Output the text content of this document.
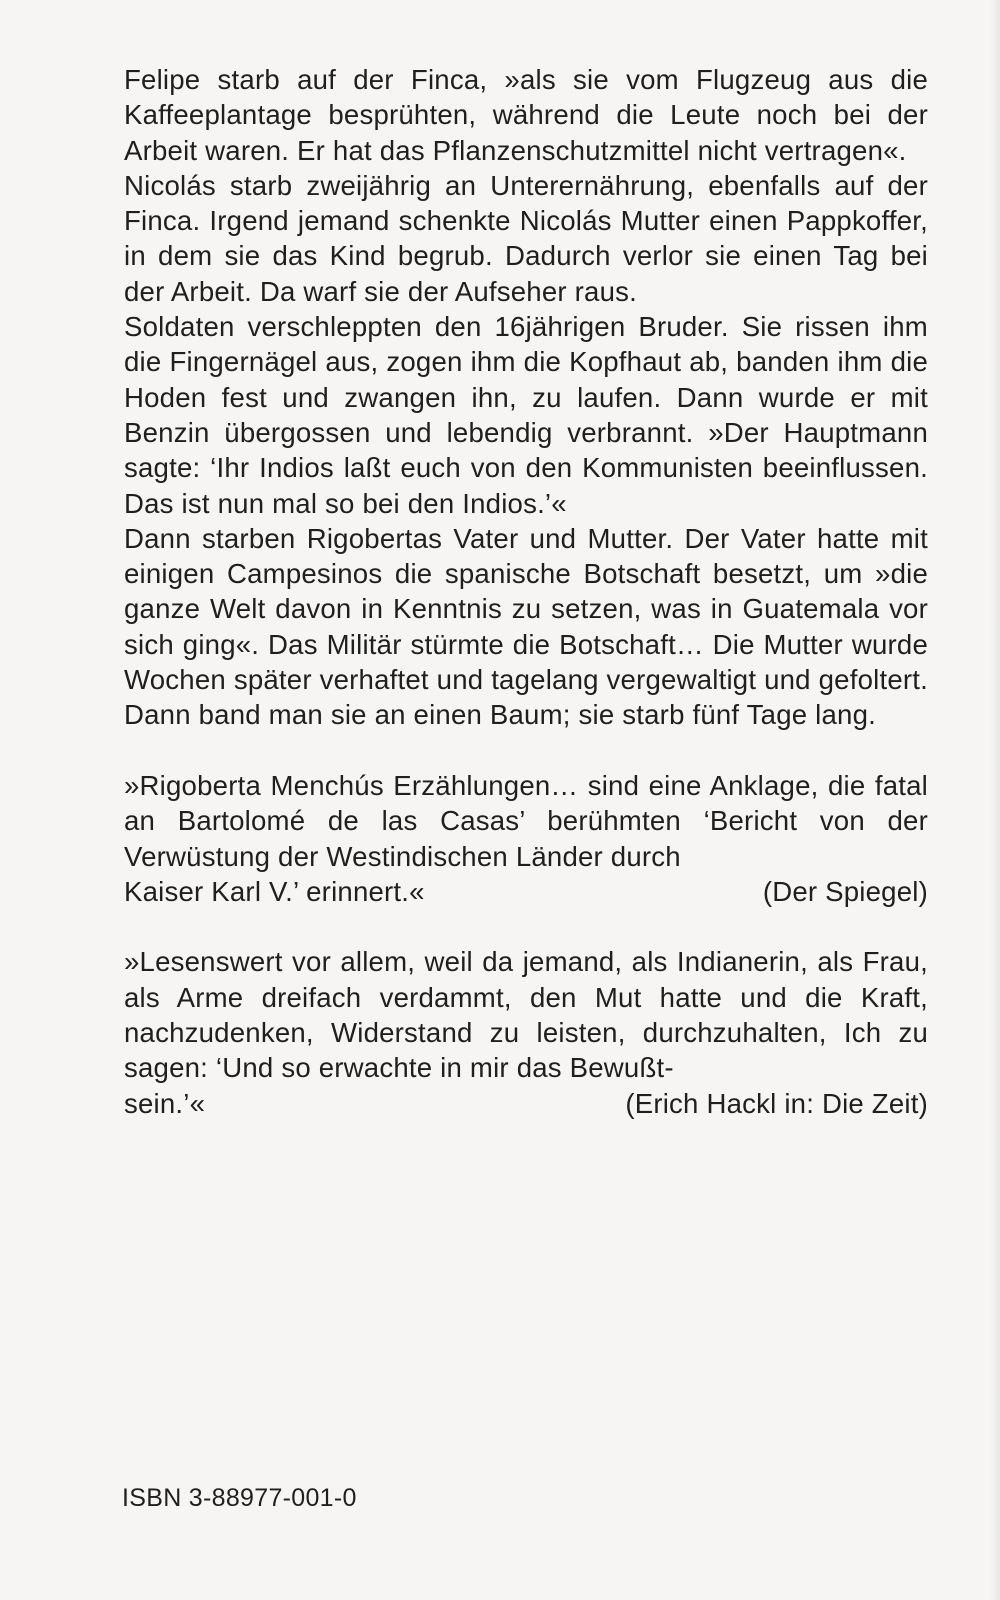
Felipe starb auf der Finca, »als sie vom Flugzeug aus die Kaffeeplantage besprühten, während die Leute noch bei der Arbeit waren. Er hat das Pflanzenschutzmittel nicht vertragen«.

Nicolás starb zweijährig an Unterernährung, ebenfalls auf der Finca. Irgend jemand schenkte Nicolás Mutter einen Pappkoffer, in dem sie das Kind begrub. Dadurch verlor sie einen Tag bei der Arbeit. Da warf sie der Aufseher raus.

Soldaten verschleppten den 16jährigen Bruder. Sie rissen ihm die Fingernägel aus, zogen ihm die Kopfhaut ab, banden ihm die Hoden fest und zwangen ihn, zu laufen. Dann wurde er mit Benzin übergossen und lebendig verbrannt. »Der Hauptmann sagte: ‘Ihr Indios laßt euch von den Kommunisten beeinflussen. Das ist nun mal so bei den Indios.’«

Dann starben Rigobertas Vater und Mutter. Der Vater hatte mit einigen Campesinos die spanische Botschaft besetzt, um »die ganze Welt davon in Kenntnis zu setzen, was in Guatemala vor sich ging«. Das Militär stürmte die Botschaft… Die Mutter wurde Wochen später verhaftet und tagelang vergewaltigt und gefoltert. Dann band man sie an einen Baum; sie starb fünf Tage lang.

»Rigoberta Menchús Erzählungen… sind eine Anklage, die fatal an Bartolomé de las Casas’ berühmten ‘Bericht von der Verwüstung der Westindischen Länder durch

Kaiser Karl V.’ erinnert.«	(Der Spiegel)

»Lesenswert vor allem, weil da jemand, als Indianerin, als Frau, als Arme dreifach verdammt, den Mut hatte und die Kraft, nachzudenken, Widerstand zu leisten, durchzuhalten, Ich zu sagen: ‘Und so erwachte in mir das Bewußt-

sein.’«	(Erich Hackl in: Die Zeit)
ISBN 3-88977-001-0
